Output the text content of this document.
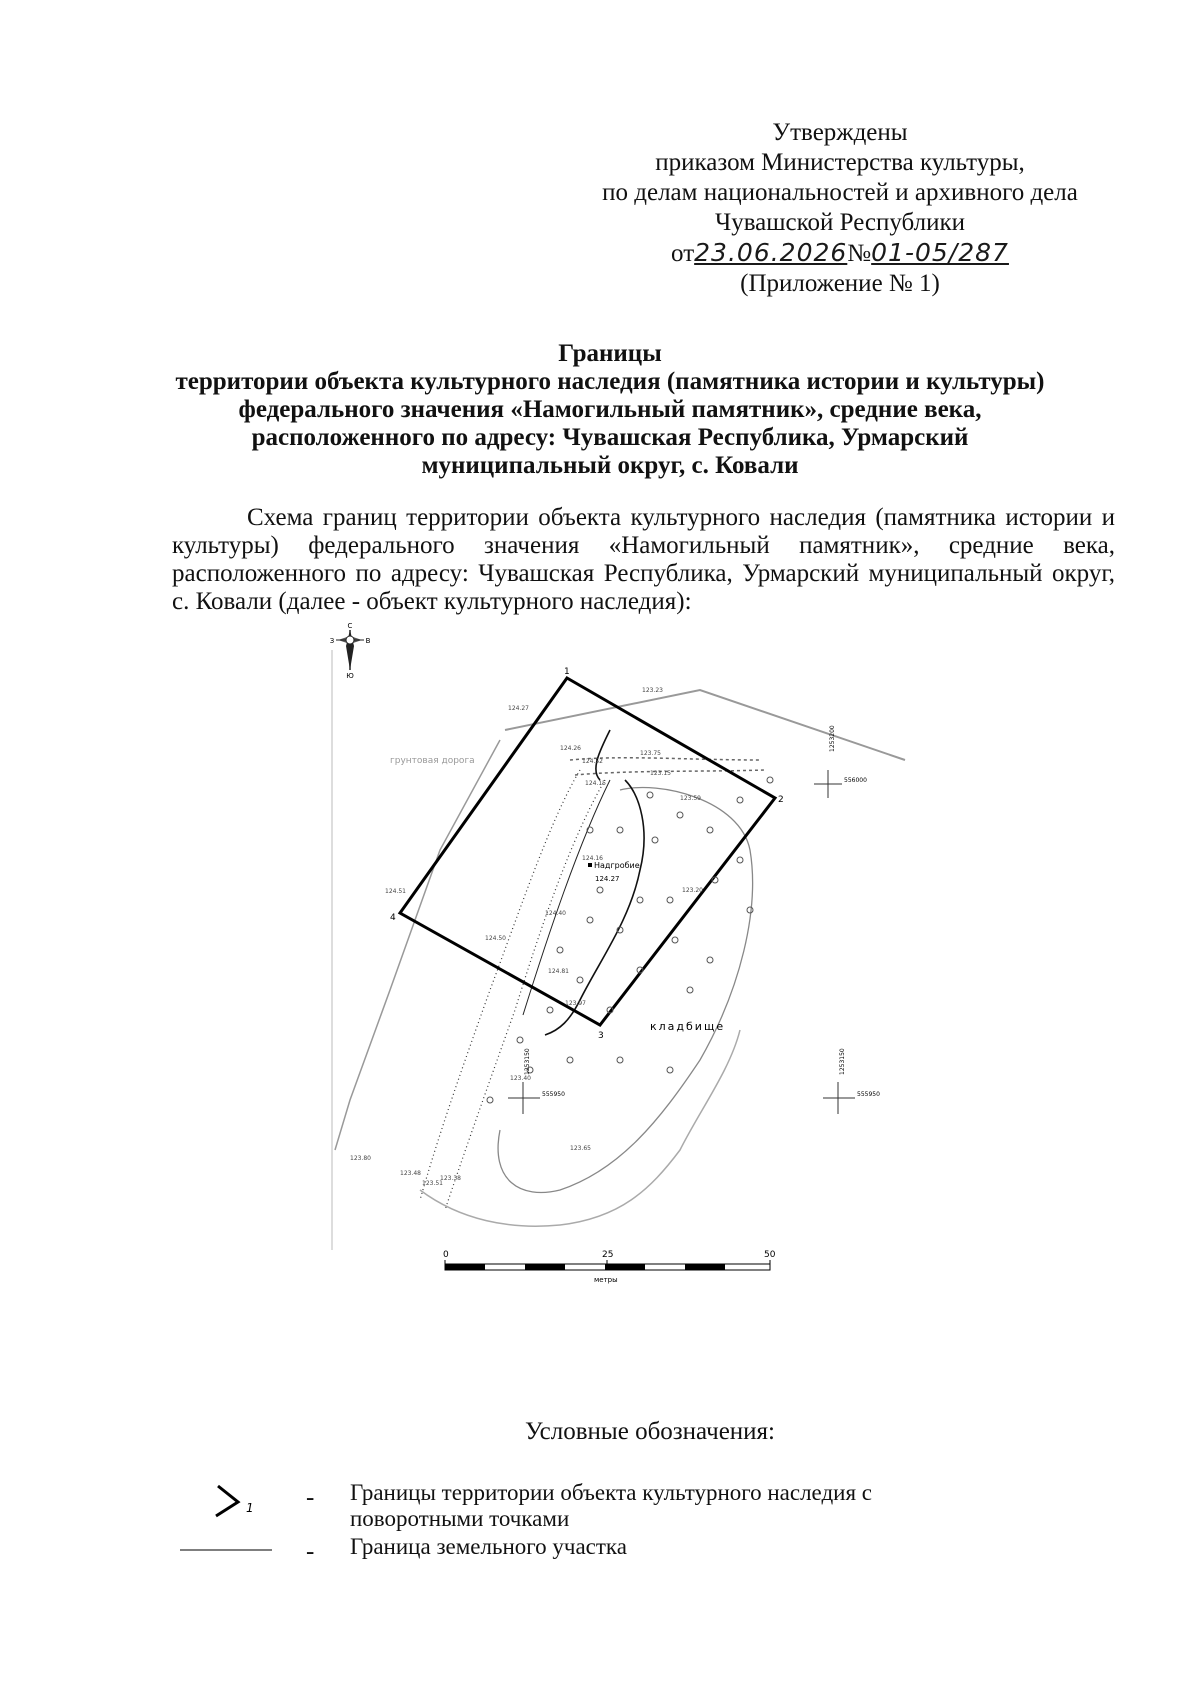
Утверждены
приказом Министерства культуры,
по делам национальностей и архивного дела
Чувашской Республики
от23.06.2026№01-05/287
(Приложение № 1)
Границы
территории объекта культурного наследия (памятника истории и культуры)
федерального значения «Намогильный памятник», средние века,
расположенного по адресу: Чувашская Республика, Урмарский
муниципальный округ, с. Ковали
Схема границ территории объекта культурного наследия (памятника истории и культуры) федерального значения «Намогильный памятник», средние века, расположенного по адресу: Чувашская Республика, Урмарский муниципальный округ, с. Ковали (далее - объект культурного наследия):
С
Ю
З	В
1
2
3
4
Надгробие
124.27
кладбище
грунтовая дорога
124.27
123.23
124.26
123.75
124.52
123.15
124.15
123.59
124.16
123.20
124.50
124.40
124.81
123.97
124.51
123.65
123.80
123.48
123.51
123.38
123.40
1253200
556000
1253150
555950
1253150
555950
0	25	50
метры
Условные обозначения:
1 - Границы территории объекта культурного наследия с поворотными точками
- Граница земельного участка
